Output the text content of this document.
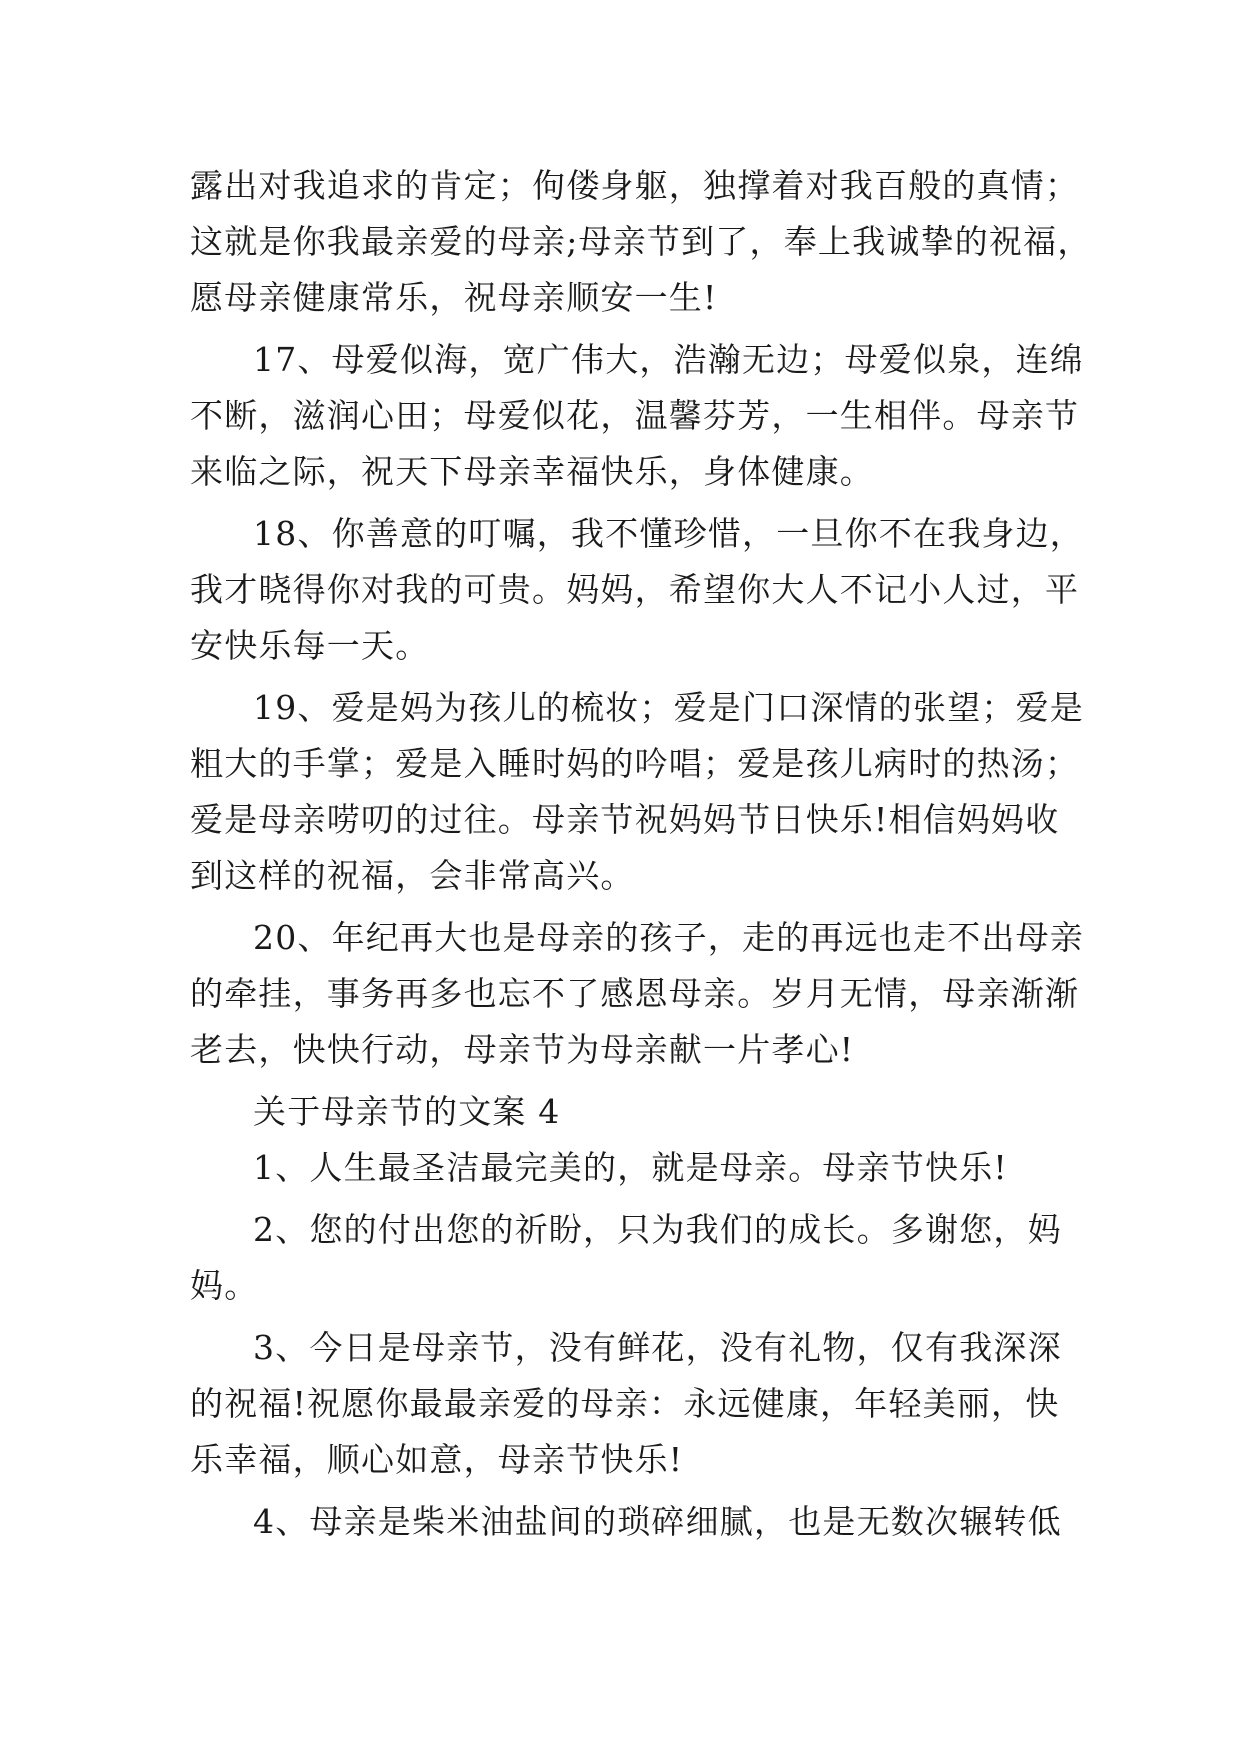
露出对我追求的肯定；佝偻身躯，独撑着对我百般的真情；
这就是你我最亲爱的母亲;母亲节到了，奉上我诚挚的祝福，
愿母亲健康常乐，祝母亲顺安一生!
17、母爱似海，宽广伟大，浩瀚无边；母爱似泉，连绵
不断，滋润心田；母爱似花，温馨芬芳，一生相伴。母亲节
来临之际，祝天下母亲幸福快乐，身体健康。
18、你善意的叮嘱，我不懂珍惜，一旦你不在我身边，
我才晓得你对我的可贵。妈妈，希望你大人不记小人过，平
安快乐每一天。
19、爱是妈为孩儿的梳妆；爱是门口深情的张望；爱是
粗大的手掌；爱是入睡时妈的吟唱；爱是孩儿病时的热汤；
爱是母亲唠叨的过往。母亲节祝妈妈节日快乐!相信妈妈收
到这样的祝福，会非常高兴。
20、年纪再大也是母亲的孩子，走的再远也走不出母亲
的牵挂，事务再多也忘不了感恩母亲。岁月无情，母亲渐渐
老去，快快行动，母亲节为母亲献一片孝心!
关于母亲节的文案 4
1、人生最圣洁最完美的，就是母亲。母亲节快乐!
2、您的付出您的祈盼，只为我们的成长。多谢您，妈
妈。
3、今日是母亲节，没有鲜花，没有礼物，仅有我深深
的祝福!祝愿你最最亲爱的母亲：永远健康，年轻美丽，快
乐幸福，顺心如意，母亲节快乐!
4、母亲是柴米油盐间的琐碎细腻，也是无数次辗转低
